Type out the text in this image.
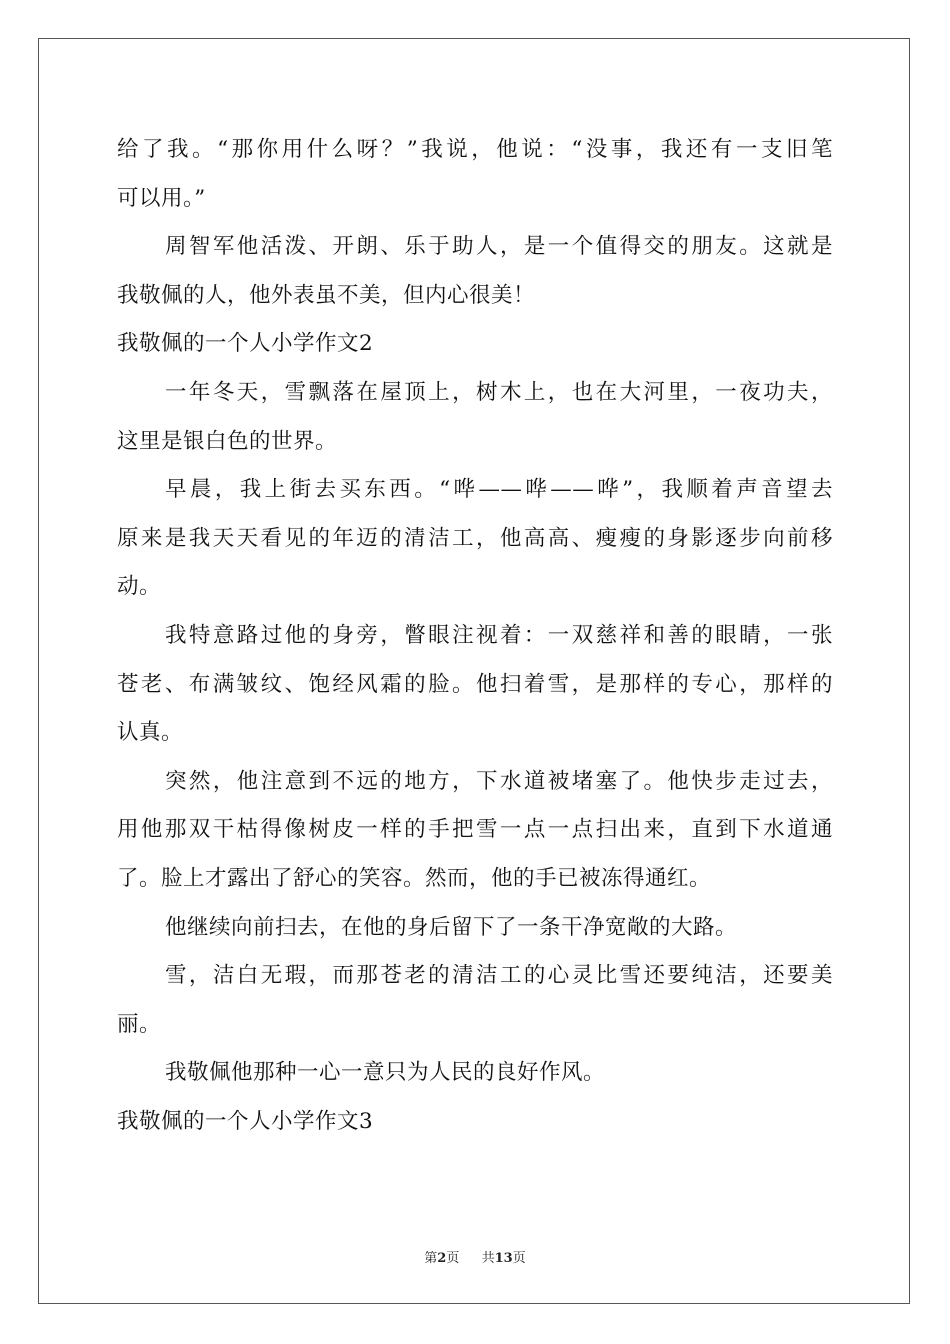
给了我。“那你用什么呀？”我说，他说：“没事，我还有一支旧笔
可以用。”
周智军他活泼、开朗、乐于助人，是一个值得交的朋友。这就是
我敬佩的人，他外表虽不美，但内心很美！
我敬佩的一个人小学作文2
一年冬天，雪飘落在屋顶上，树木上，也在大河里，一夜功夫，
这里是银白色的世界。
早晨，我上街去买东西。“哗——哗——哗”，我顺着声音望去
原来是我天天看见的年迈的清洁工，他高高、瘦瘦的身影逐步向前移
动。
我特意路过他的身旁，瞥眼注视着：一双慈祥和善的眼睛，一张
苍老、布满皱纹、饱经风霜的脸。他扫着雪，是那样的专心，那样的
认真。
突然，他注意到不远的地方，下水道被堵塞了。他快步走过去，
用他那双干枯得像树皮一样的手把雪一点一点扫出来，直到下水道通
了。脸上才露出了舒心的笑容。然而，他的手已被冻得通红。
他继续向前扫去，在他的身后留下了一条干净宽敞的大路。
雪，洁白无瑕，而那苍老的清洁工的心灵比雪还要纯洁，还要美
丽。
我敬佩他那种一心一意只为人民的良好作风。
我敬佩的一个人小学作文3
第2页 共13页
